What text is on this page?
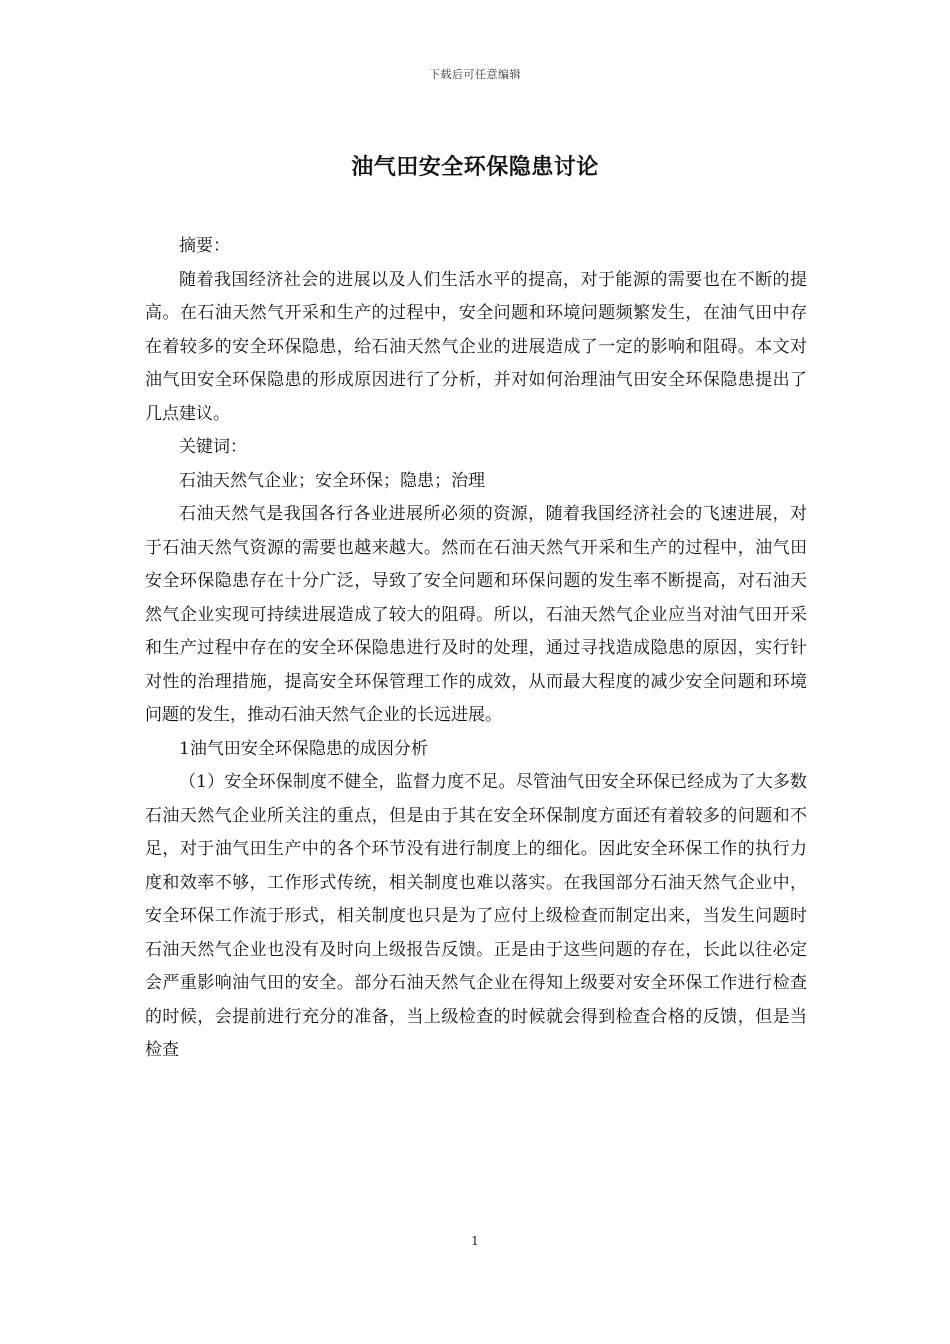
下载后可任意编辑
油气田安全环保隐患讨论

摘要：

随着我国经济社会的进展以及人们生活水平的提高，对于能源的需要也在不断的提高。在石油天然气开采和生产的过程中，安全问题和环境问题频繁发生，在油气田中存在着较多的安全环保隐患，给石油天然气企业的进展造成了一定的影响和阻碍。本文对油气田安全环保隐患的形成原因进行了分析，并对如何治理油气田安全环保隐患提出了几点建议。

关键词：

石油天然气企业；安全环保；隐患；治理

石油天然气是我国各行各业进展所必须的资源，随着我国经济社会的飞速进展，对于石油天然气资源的需要也越来越大。然而在石油天然气开采和生产的过程中，油气田安全环保隐患存在十分广泛，导致了安全问题和环保问题的发生率不断提高，对石油天然气企业实现可持续进展造成了较大的阻碍。所以，石油天然气企业应当对油气田开采和生产过程中存在的安全环保隐患进行及时的处理，通过寻找造成隐患的原因，实行针对性的治理措施，提高安全环保管理工作的成效，从而最大程度的减少安全问题和环境问题的发生，推动石油天然气企业的长远进展。

1油气田安全环保隐患的成因分析

（1）安全环保制度不健全，监督力度不足。尽管油气田安全环保已经成为了大多数石油天然气企业所关注的重点，但是由于其在安全环保制度方面还有着较多的问题和不足，对于油气田生产中的各个环节没有进行制度上的细化。因此安全环保工作的执行力度和效率不够，工作形式传统，相关制度也难以落实。在我国部分石油天然气企业中，安全环保工作流于形式，相关制度也只是为了应付上级检查而制定出来，当发生问题时石油天然气企业也没有及时向上级报告反馈。正是由于这些问题的存在，长此以往必定会严重影响油气田的安全。部分石油天然气企业在得知上级要对安全环保工作进行检查的时候，会提前进行充分的准备，当上级检查的时候就会得到检查合格的反馈，但是当检查

1
